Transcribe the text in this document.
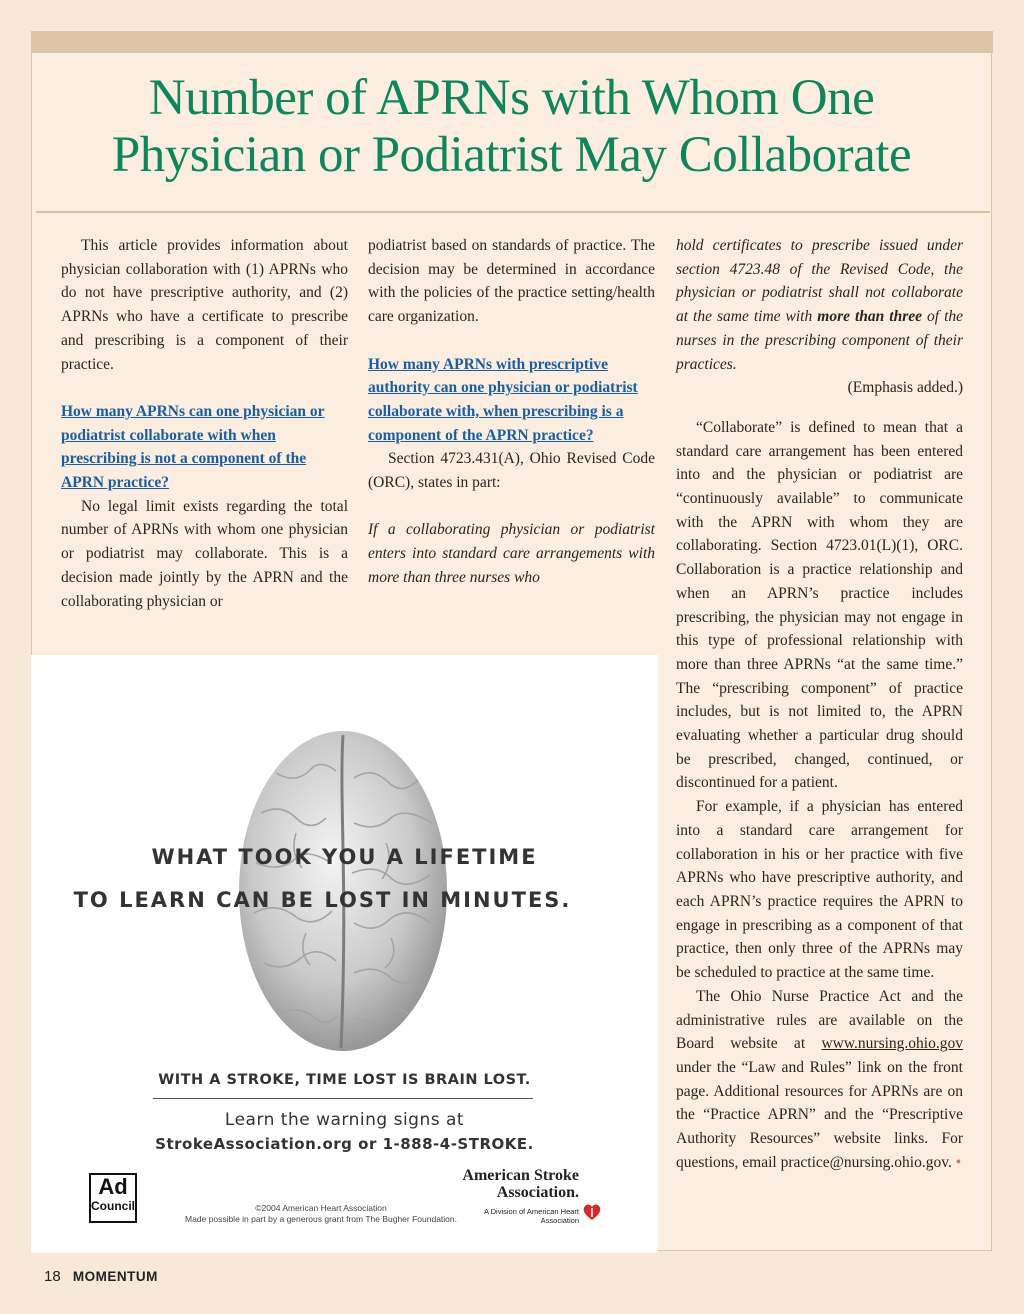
Number of APRNs with Whom One
Physician or Podiatrist May Collaborate

This article provides information about physician collaboration with (1) APRNs who do not have prescriptive authority, and (2) APRNs who have a certificate to prescribe and prescribing is a component of their practice.

How many APRNs can one physician or podiatrist collaborate with when prescribing is not a component of the APRN practice?

No legal limit exists regarding the total number of APRNs with whom one physician or podiatrist may collaborate. This is a decision made jointly by the APRN and the collaborating physician or

podiatrist based on standards of practice. The decision may be determined in accordance with the policies of the practice setting/health care organization.

How many APRNs with prescriptive authority can one physician or podiatrist collaborate with, when prescribing is a component of the APRN practice?

Section 4723.431(A), Ohio Revised Code (ORC), states in part:

If a collaborating physician or podiatrist enters into standard care arrangements with more than three nurses who

hold certificates to prescribe issued under section 4723.48 of the Revised Code, the physician or podiatrist shall not collaborate at the same time with more than three of the nurses in the prescribing component of their practices.

(Emphasis added.)

“Collaborate” is defined to mean that a standard care arrangement has been entered into and the physician or podiatrist are “continuously available” to communicate with the APRN with whom they are collaborating. Section 4723.01(L)(1), ORC. Collaboration is a practice relationship and when an APRN’s practice includes prescribing, the physician may not engage in this type of professional relationship with more than three APRNs “at the same time.” The “prescribing component” of practice includes, but is not limited to, the APRN evaluating whether a particular drug should be prescribed, changed, continued, or discontinued for a patient.

For example, if a physician has entered into a standard care arrangement for collaboration in his or her practice with five APRNs who have prescriptive authority, and each APRN’s practice requires the APRN to engage in prescribing as a component of that practice, then only three of the APRNs may be scheduled to practice at the same time.

The Ohio Nurse Practice Act and the administrative rules are available on the Board website at www.nursing.ohio.gov under the “Law and Rules” link on the front page. Additional resources for APRNs are on the “Practice APRN” and the “Prescriptive Authority Resources” website links. For questions, email practice@nursing.ohio.gov. •

WHAT TOOK YOU A LIFETIME
TO LEARN CAN BE LOST IN MINUTES.
WITH A STROKE, TIME LOST IS BRAIN LOST.
Learn the warning signs at
StrokeAssociation.org or 1-888-4-STROKE.
Ad
Council	©2004 American Heart Association
Made possible in part by a generous grant from The Bugher Foundation.
American Stroke
Association.
A Division of American Heart Association
18 MOMENTUM
